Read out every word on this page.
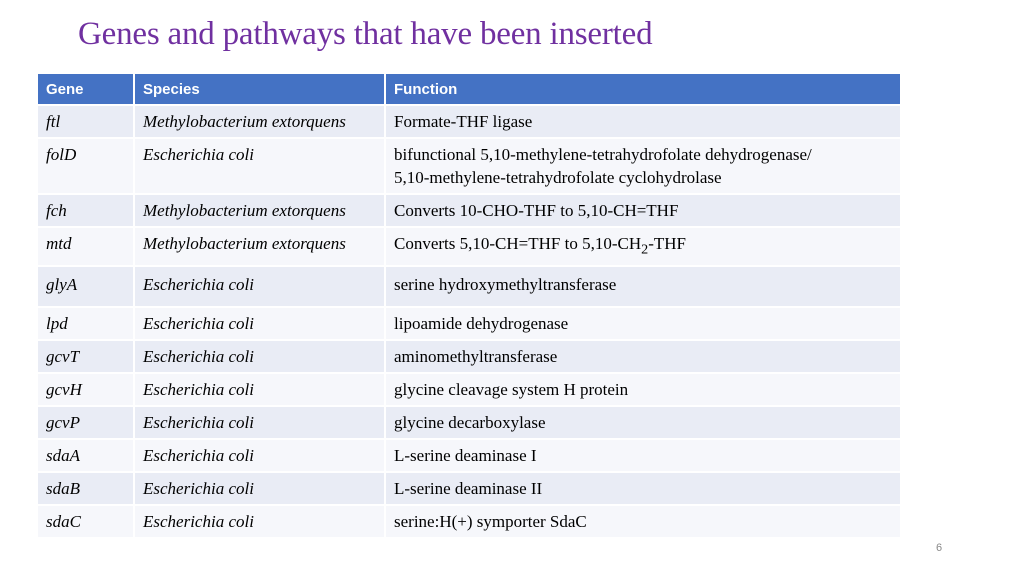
Genes and pathways that have been inserted
Gene	Species	Function
ftl	Methylobacterium extorquens	Formate-THF ligase
folD	Escherichia coli	bifunctional 5,10-methylene-tetrahydrofolate dehydrogenase/
5,10-methylene-tetrahydrofolate cyclohydrolase
fch	Methylobacterium extorquens	Converts 10-CHO-THF to 5,10-CH=THF
mtd	Methylobacterium extorquens	Converts 5,10-CH=THF to $5,10-CH_2$-THF
glyA	Escherichia coli	serine hydroxymethyltransferase
lpd	Escherichia coli	lipoamide dehydrogenase
gcvT	Escherichia coli	aminomethyltransferase
gcvH	Escherichia coli	glycine cleavage system H protein
gcvP	Escherichia coli	glycine decarboxylase
sdaA	Escherichia coli	L-serine deaminase I
sdaB	Escherichia coli	L-serine deaminase II
sdaC	Escherichia coli	serine:H(+) symporter SdaC
6
